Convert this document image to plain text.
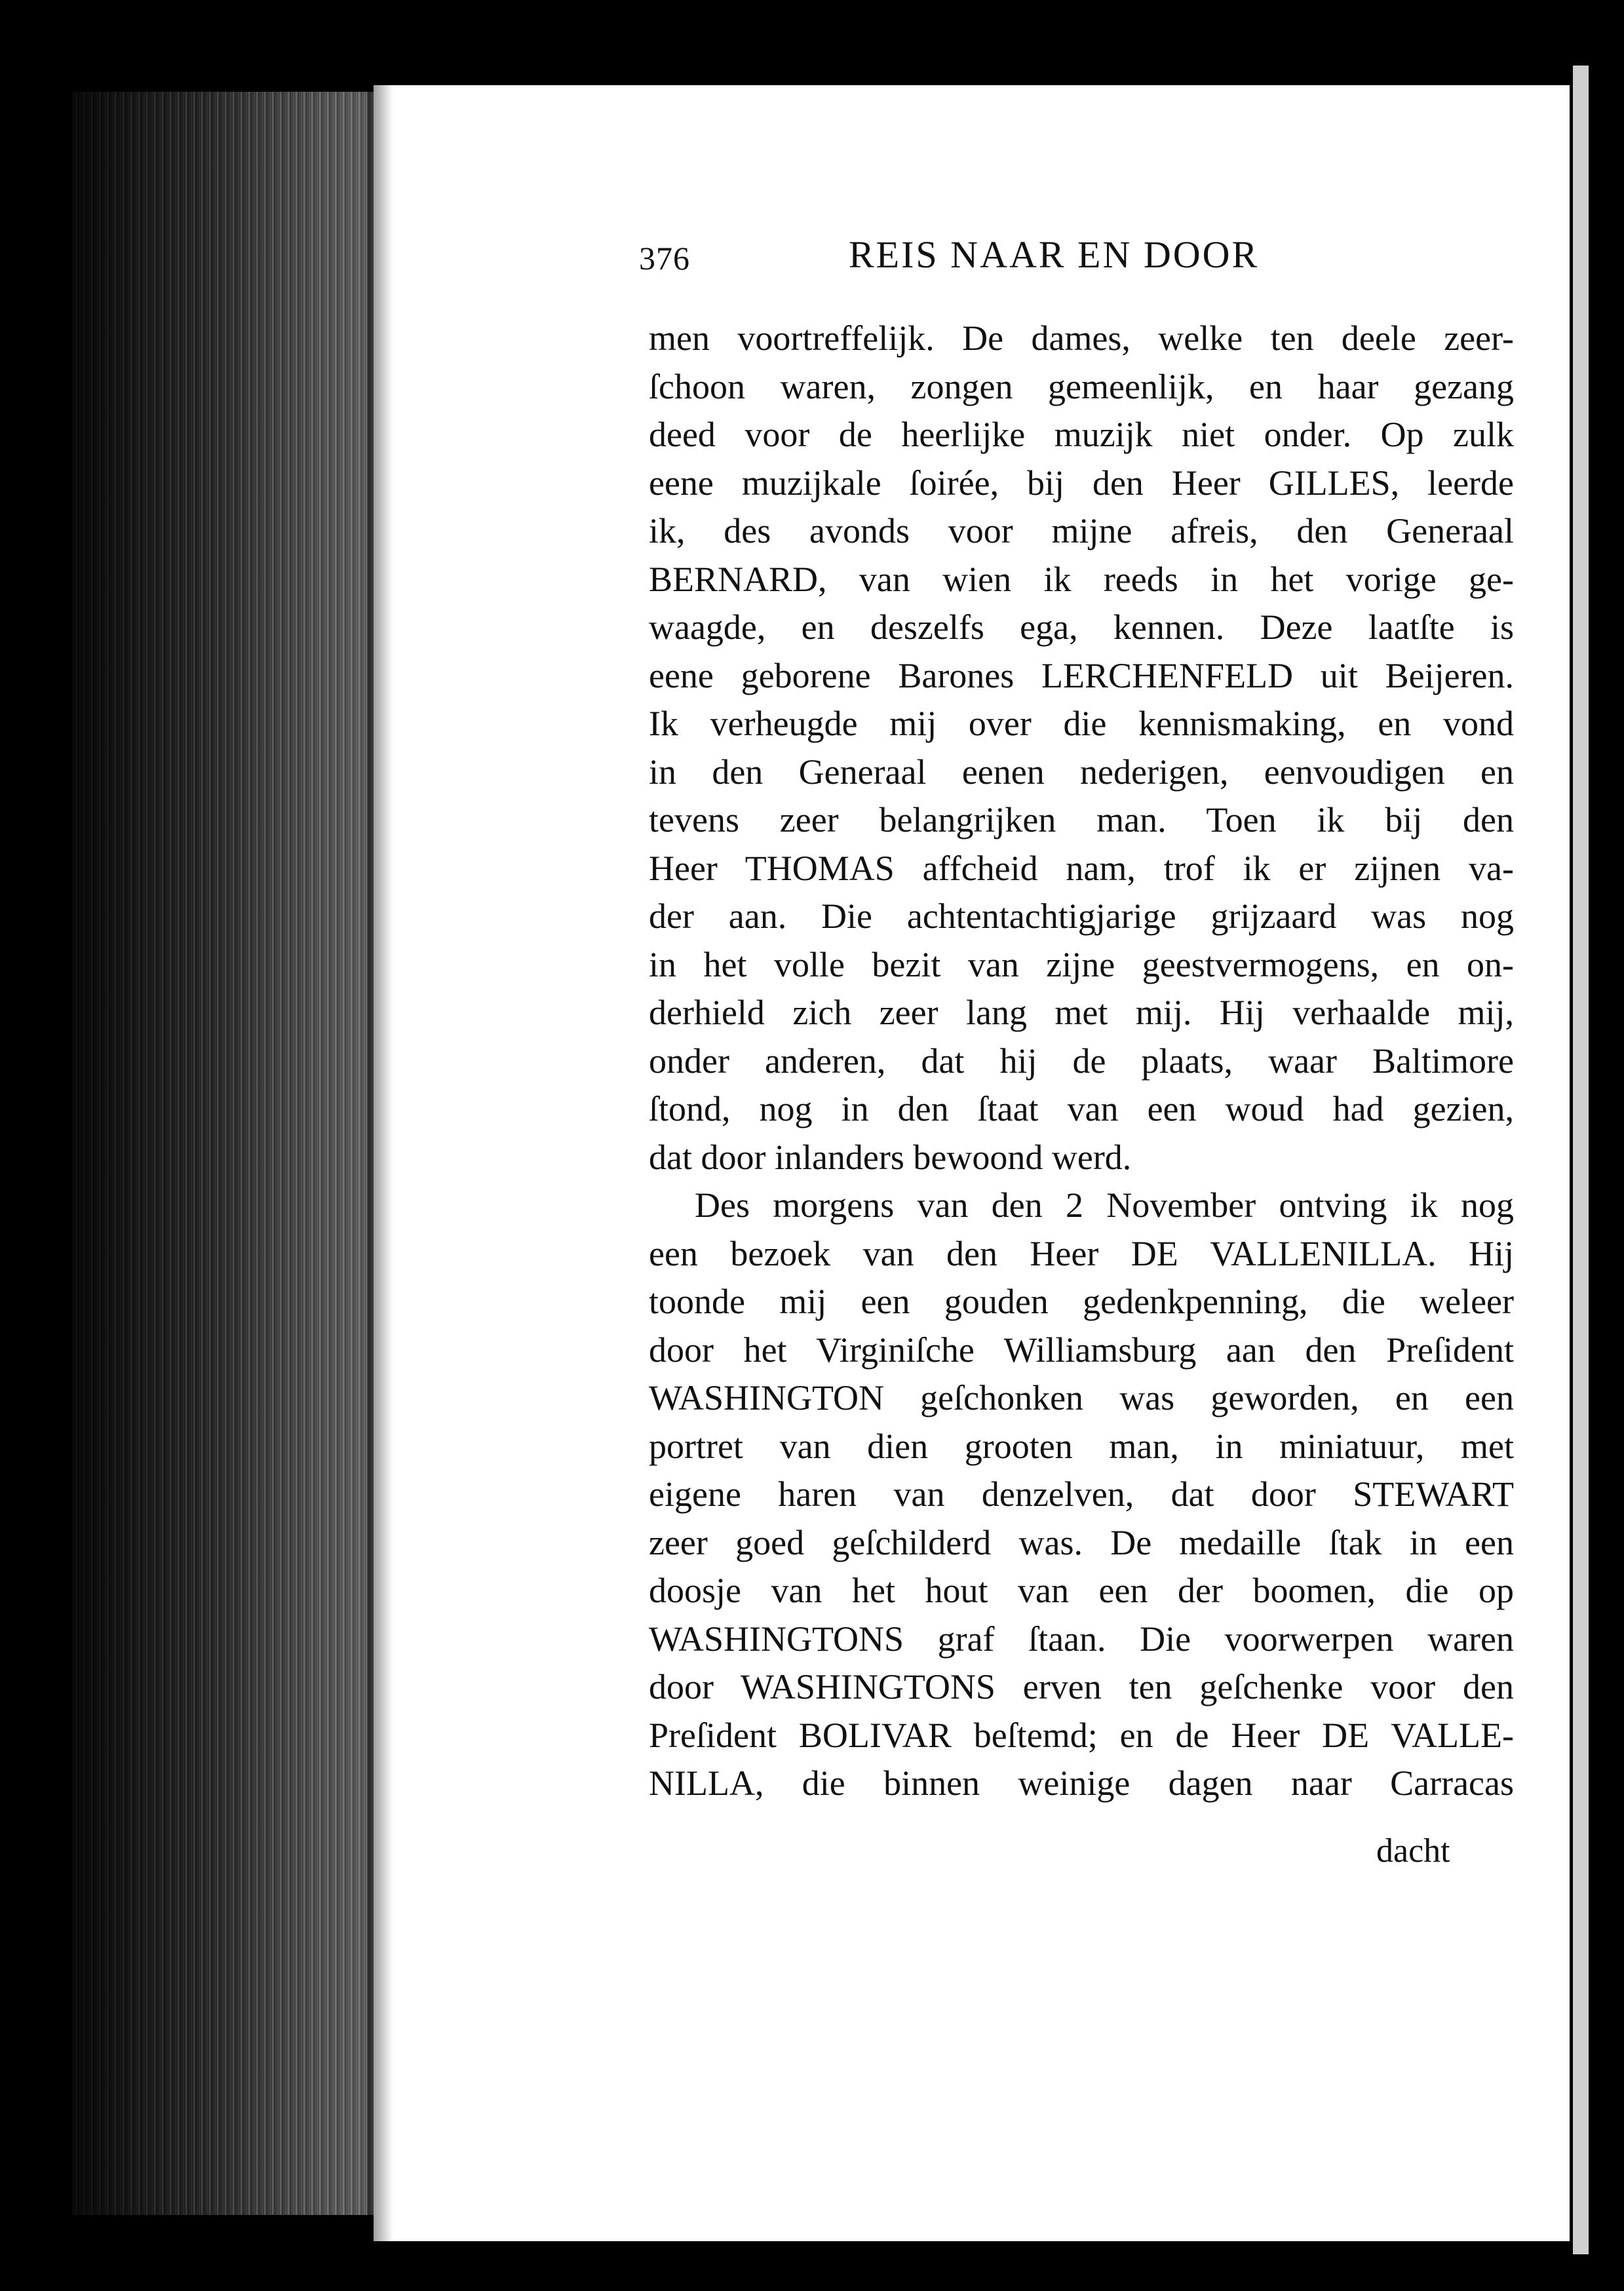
376	REIS NAAR EN DOOR
men voortreffelijk. De dames, welke ten deele zeer-
ſchoon waren, zongen gemeenlijk, en haar gezang
deed voor de heerlijke muzijk niet onder. Op zulk
eene muzijkale ſoirée, bij den Heer GILLES, leerde
ik, des avonds voor mijne afreis, den Generaal
BERNARD, van wien ik reeds in het vorige ge-
waagde, en deszelfs ega, kennen. Deze laatſte is
eene geborene Barones LERCHENFELD uit Beijeren.
Ik verheugde mij over die kennismaking, en vond
in den Generaal eenen nederigen, eenvoudigen en
tevens zeer belangrijken man. Toen ik bij den
Heer THOMAS affcheid nam, trof ik er zijnen va-
der aan. Die achtentachtigjarige grijzaard was nog
in het volle bezit van zijne geestvermogens, en on-
derhield zich zeer lang met mij. Hij verhaalde mij,
onder anderen, dat hij de plaats, waar Baltimore
ſtond, nog in den ſtaat van een woud had gezien,
dat door inlanders bewoond werd.
Des morgens van den 2 November ontving ik nog
een bezoek van den Heer DE VALLENILLA. Hij
toonde mij een gouden gedenkpenning, die weleer
door het Virginiſche Williamsburg aan den Preſident
WASHINGTON geſchonken was geworden, en een
portret van dien grooten man, in miniatuur, met
eigene haren van denzelven, dat door STEWART
zeer goed geſchilderd was. De medaille ſtak in een
doosje van het hout van een der boomen, die op
WASHINGTONS graf ſtaan. Die voorwerpen waren
door WASHINGTONS erven ten geſchenke voor den
Preſident BOLIVAR beſtemd; en de Heer DE VALLE-
NILLA, die binnen weinige dagen naar Carracas
dacht
